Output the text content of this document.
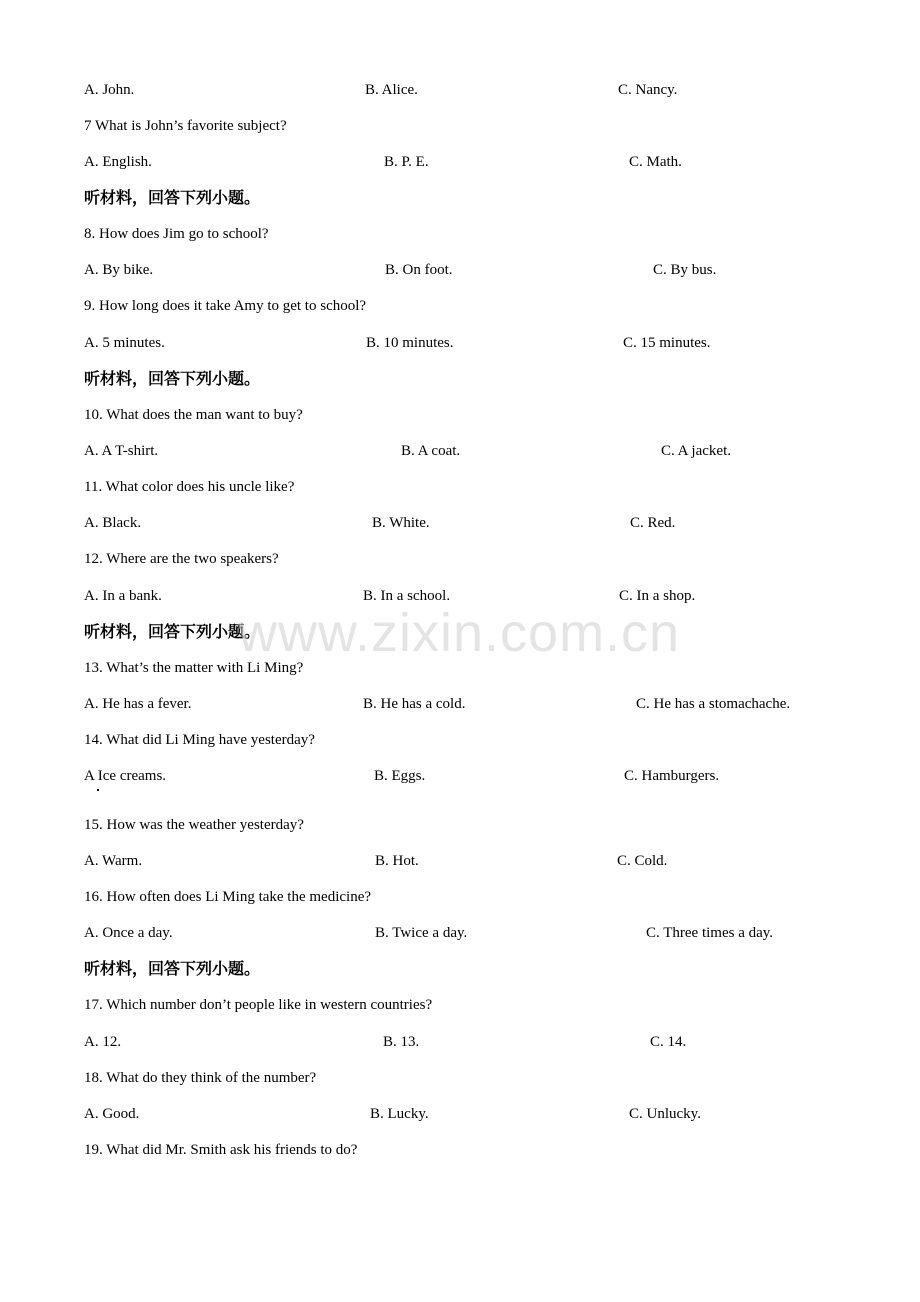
A. John.	B. Alice.	C. Nancy.
7 What is John’s favorite subject?
A. English.	B. P. E.	C. Math.
听材料，回答下列小题。
8. How does Jim go to school?
A. By bike.	B. On foot.	C. By bus.
9. How long does it take Amy to get to school?
A. 5 minutes.	B. 10 minutes.	C. 15 minutes.
听材料，回答下列小题。
10. What does the man want to buy?
A. A T-shirt.	B. A coat.	C. A jacket.
11. What color does his uncle like?
A. Black.	B. White.	C. Red.
12. Where are the two speakers?
A. In a bank.	B. In a school.	C. In a shop.
听材料，回答下列小题。
13. What’s the matter with Li Ming?
A. He has a fever.	B. He has a cold.	C. He has a stomachache.
14. What did Li Ming have yesterday?
A Ice creams.	B. Eggs.	C. Hamburgers.
15. How was the weather yesterday?
A. Warm.	B. Hot.	C. Cold.
16. How often does Li Ming take the medicine?
A. Once a day.	B. Twice a day.	C. Three times a day.
听材料，回答下列小题。
17. Which number don’t people like in western countries?
A. 12.	B. 13.	C. 14.
18. What do they think of the number?
A. Good.	B. Lucky.	C. Unlucky.
19. What did Mr. Smith ask his friends to do?
www.zixin.com.cn
